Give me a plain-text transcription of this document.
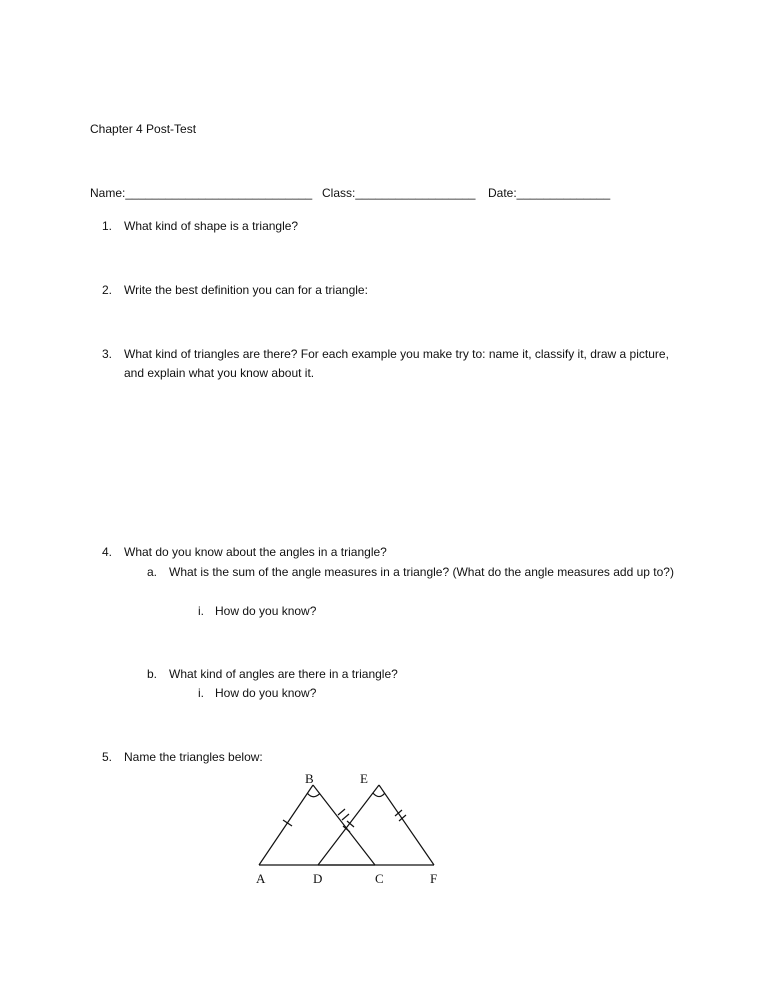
Chapter 4 Post-Test
Name:____________________________ Class:__________________ Date:______________
1. What kind of shape is a triangle?
2. Write the best definition you can for a triangle:
3. What kind of triangles are there? For each example you make try to: name it, classify it, draw a picture, and explain what you know about it.
4. What do you know about the angles in a triangle?
a. What is the sum of the angle measures in a triangle? (What do the angle measures add up to?)
i. How do you know?
b. What kind of angles are there in a triangle?
i. How do you know?
5. Name the triangles below:
B	E
A	D	C	F
